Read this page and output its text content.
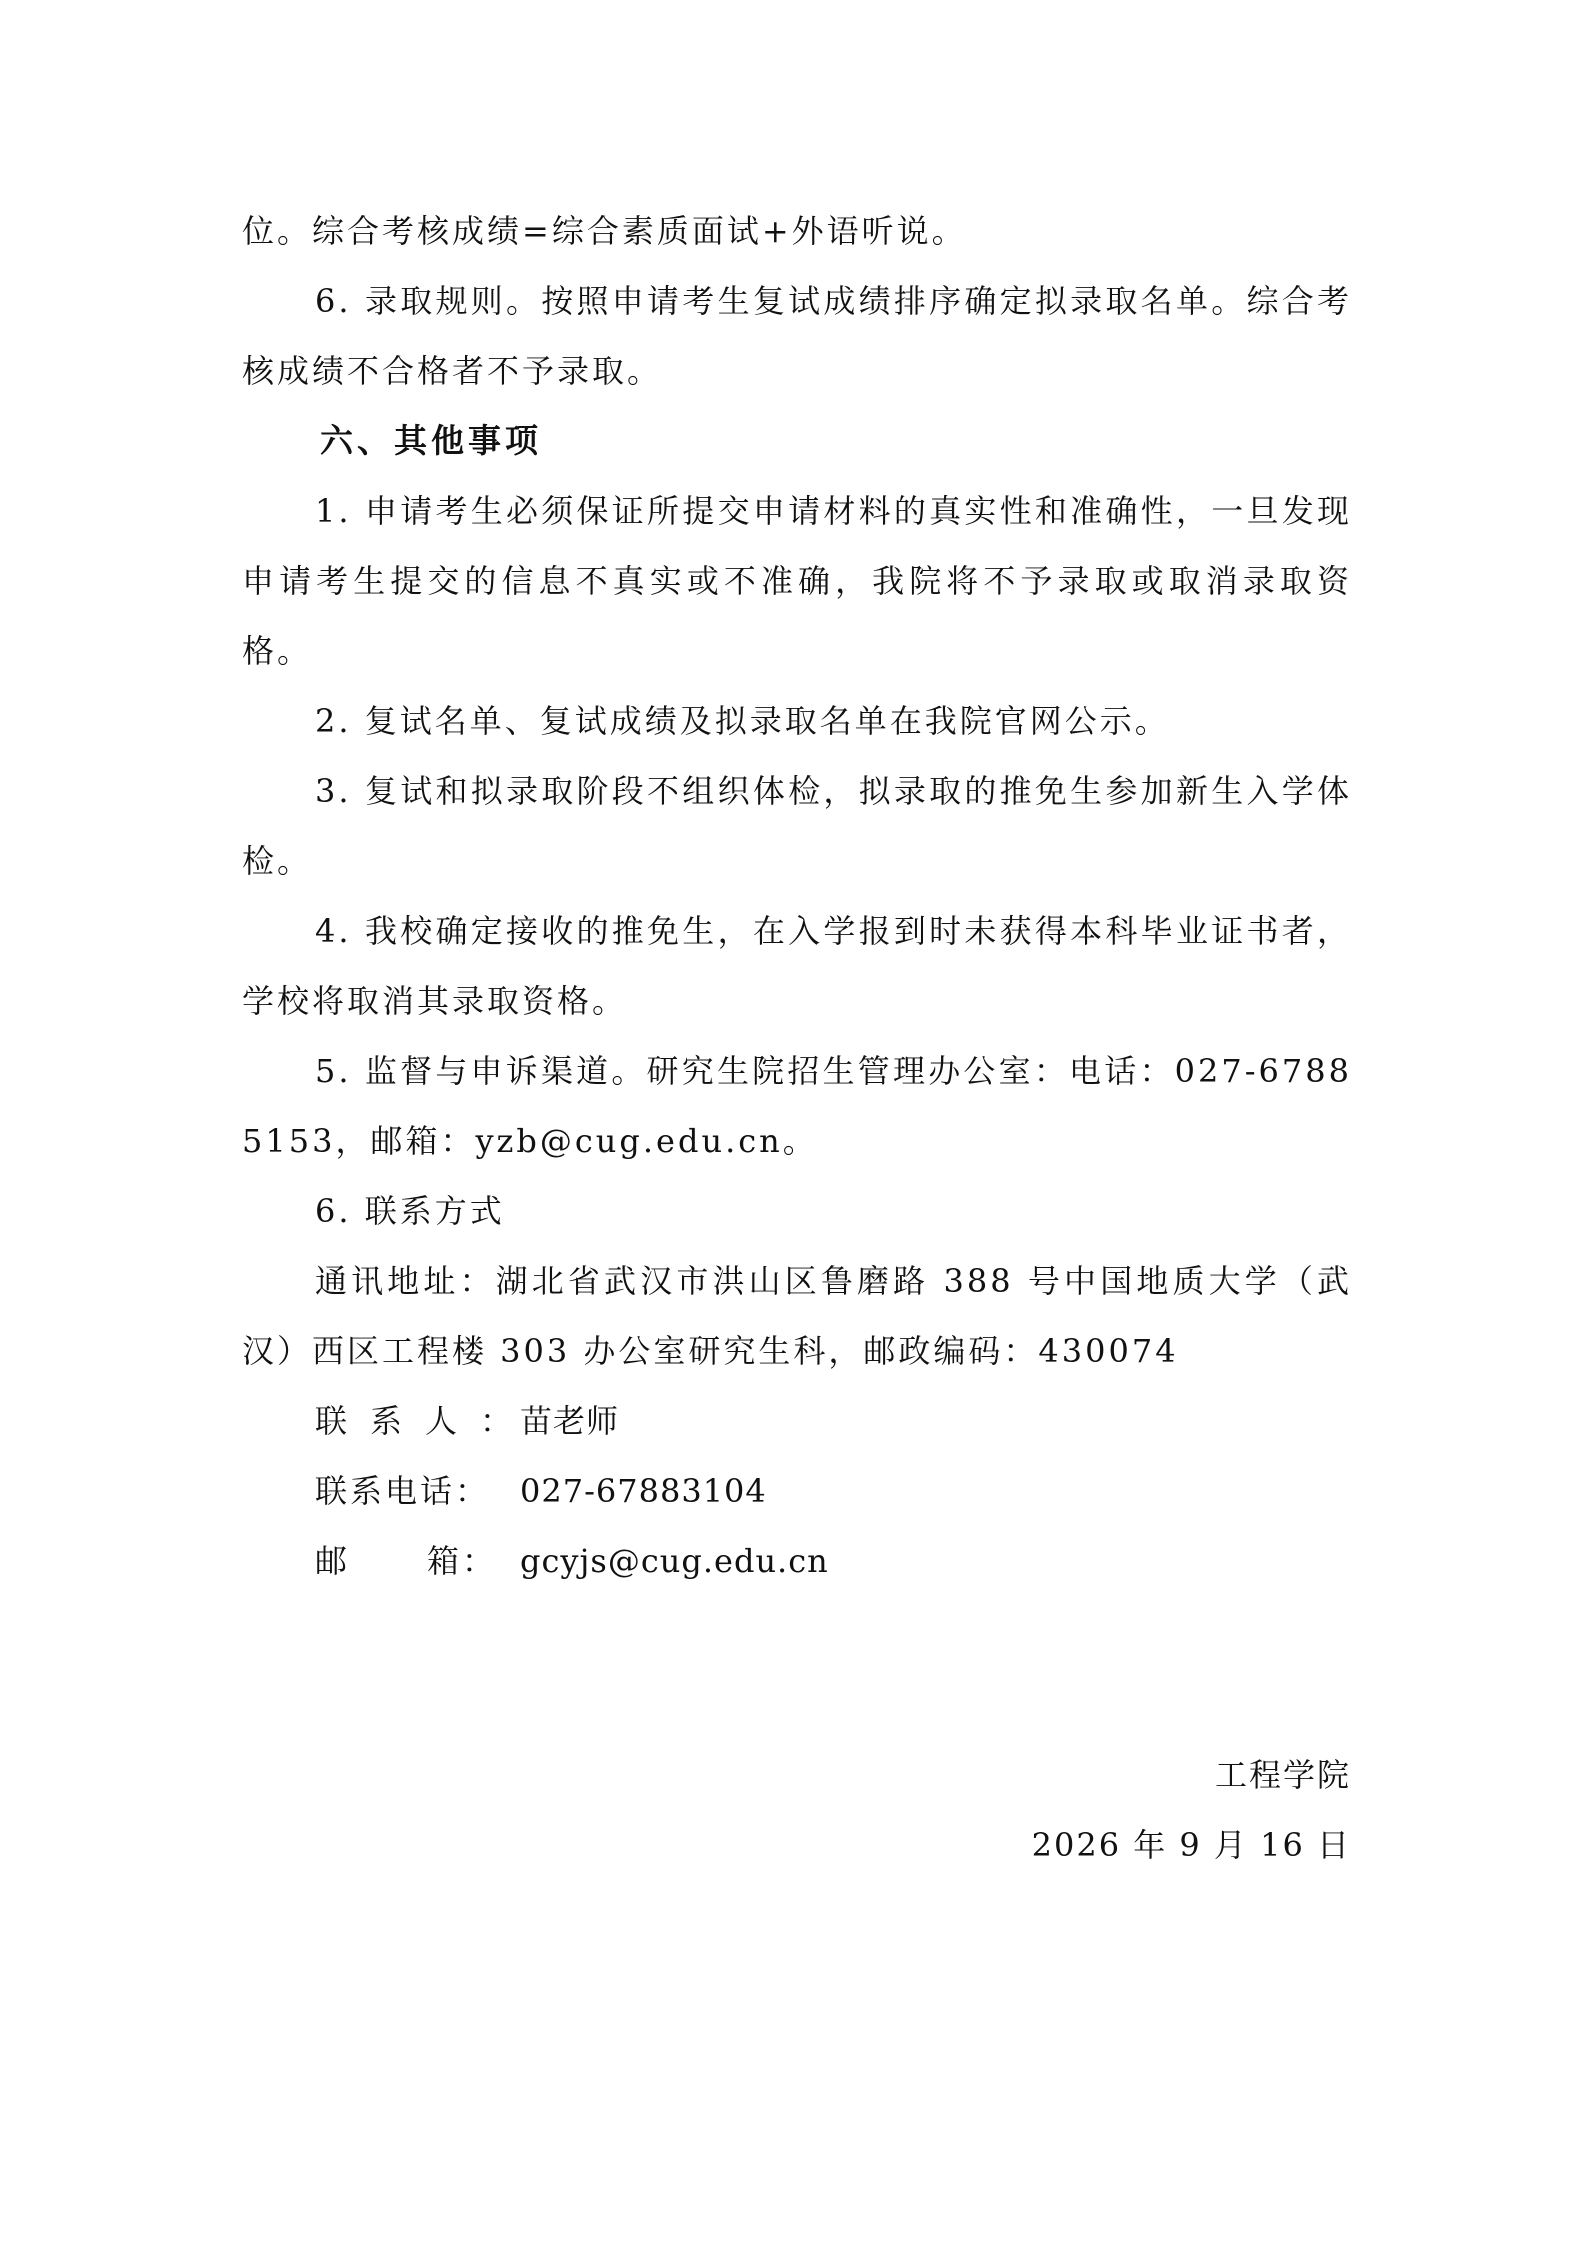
位。综合考核成绩=综合素质面试+外语听说。

6. 录取规则。按照申请考生复试成绩排序确定拟录取名单。综合考核成绩不合格者不予录取。

六、其他事项

1. 申请考生必须保证所提交申请材料的真实性和准确性，一旦发现申请考生提交的信息不真实或不准确，我院将不予录取或取消录取资格。

2. 复试名单、复试成绩及拟录取名单在我院官网公示。

3. 复试和拟录取阶段不组织体检，拟录取的推免生参加新生入学体检。

4. 我校确定接收的推免生，在入学报到时未获得本科毕业证书者，学校将取消其录取资格。

5. 监督与申诉渠道。研究生院招生管理办公室：电话：027-67885153，邮箱：yzb@cug.edu.cn。

6. 联系方式

通讯地址：湖北省武汉市洪山区鲁磨路 388 号中国地质大学（武汉）西区工程楼 303 办公室研究生科，邮政编码：430074

联系人：
苗老师
联系电话： 027-67883104
邮 箱： gcyjs@cug.edu.cn
工程学院
2026 年 9 月 16 日
